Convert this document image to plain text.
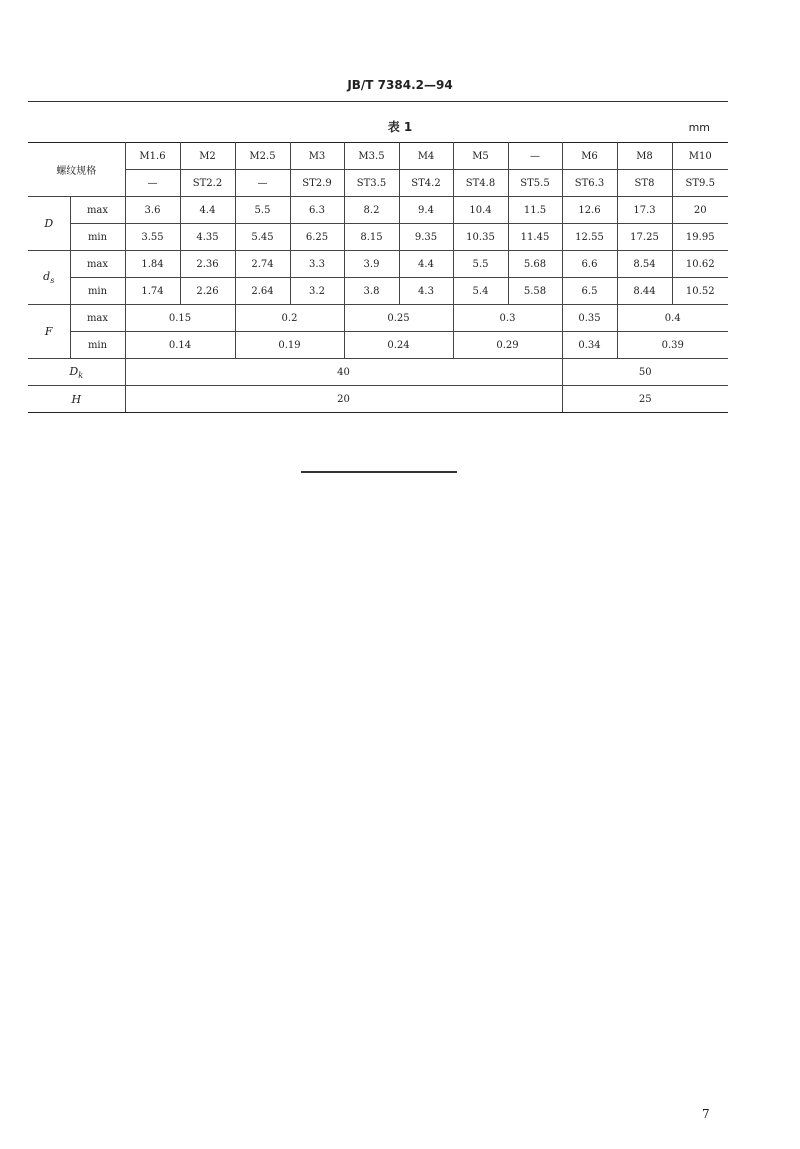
JB/T 7384.2—94
表 1	mm
螺纹规格		M1.6	M2	M2.5	M3	M3.5	M4	M5	—	M6	M8	M10
		—	ST2.2	—	ST2.9	ST3.5	ST4.2	ST4.8	ST5.5	ST6.3	ST8	ST9.5
D	max	3.6	4.4	5.5	6.3	8.2	9.4	10.4	11.5	12.6	17.3	20
	min	3.55	4.35	5.45	6.25	8.15	9.35	10.35	11.45	12.55	17.25	19.95
$d_s$	max	1.84	2.36	2.74	3.3	3.9	4.4	5.5	5.68	6.6	8.54	10.62
	min	1.74	2.26	2.64	3.2	3.8	4.3	5.4	5.58	6.5	8.44	10.52
F	max	0.15		0.2		0.25		0.3		0.35	0.4	
	min	0.14		0.19		0.24		0.29		0.34	0.39	
$D_k$		40								50		
H		20								25		
7
